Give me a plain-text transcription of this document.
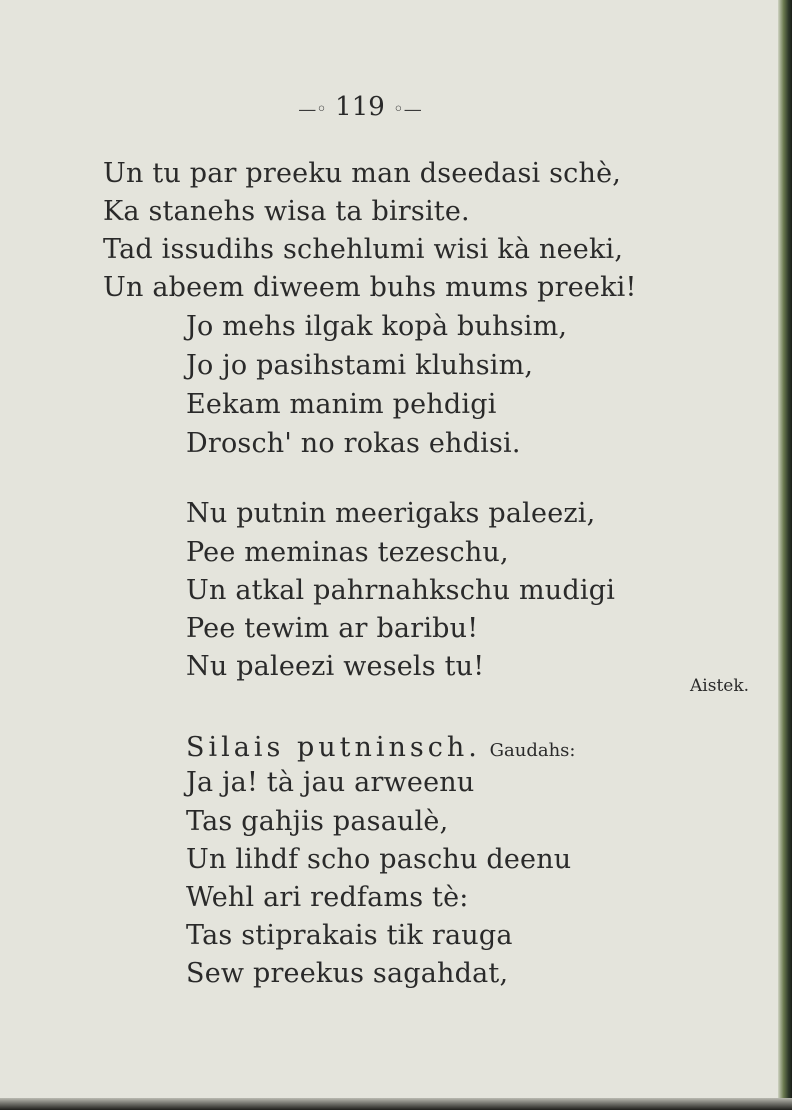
—◦ 119 ◦—
Un tu par preeku man dseedasi schè,
Ka stanehs wisa ta birsite.
Tad issudihs schehlumi wisi kà neeki,
Un abeem diweem buhs mums preeki!
Jo mehs ilgak kopà buhsim,
Jo jo pasihstami kluhsim,
Eekam manim pehdigi
Drosch' no rokas ehdisi.
Nu putnin meerigaks paleezi,
Pee meminas tezeschu,
Un atkal pahrnahkschu mudigi
Pee tewim ar baribu!
Nu paleezi wesels tu!
Aistek.
Silais putninsch. Gaudahs:
Ja ja! tà jau arweenu
Tas gahjis pasaulè,
Un lihdf scho paschu deenu
Wehl ari redfams tè:
Tas stiprakais tik rauga
Sew preekus sagahdat,
